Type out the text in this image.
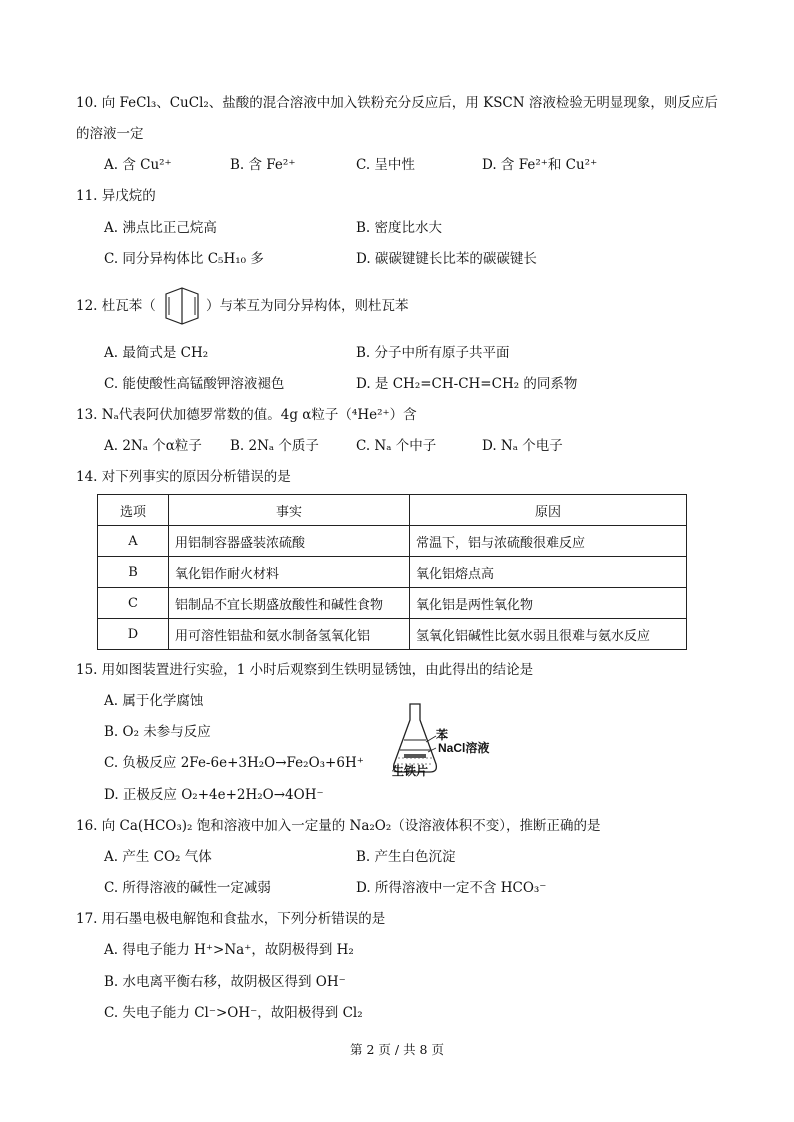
10. 向 FeCl₃、CuCl₂、盐酸的混合溶液中加入铁粉充分反应后，用 KSCN 溶液检验无明显现象，则反应后
的溶液一定
A. 含 Cu²⁺	B. 含 Fe²⁺	C. 呈中性	D. 含 Fe²⁺和 Cu²⁺
11. 异戊烷的
A. 沸点比正己烷高	B. 密度比水大
C. 同分异构体比 C₅H₁₀ 多	D. 碳碳键键长比苯的碳碳键长
12. 杜瓦苯（	）与苯互为同分异构体，则杜瓦苯
A. 最简式是 CH₂	B. 分子中所有原子共平面
C. 能使酸性高锰酸钾溶液褪色	D. 是 CH₂=CH-CH=CH₂ 的同系物
13. Nₐ代表阿伏加德罗常数的值。4g α粒子（⁴He²⁺）含
A. 2Nₐ 个α粒子 B. 2Nₐ 个质子	C. Nₐ 个中子	D. Nₐ 个电子
14. 对下列事实的原因分析错误的是
选项	事实	原因
A	用铝制容器盛装浓硫酸	常温下，铝与浓硫酸很难反应
B	氧化铝作耐火材料	氧化铝熔点高
C	铝制品不宜长期盛放酸性和碱性食物	氧化铝是两性氧化物
D	用可溶性铝盐和氨水制备氢氧化铝	氢氧化铝碱性比氨水弱且很难与氨水反应
15. 用如图装置进行实验，1 小时后观察到生铁明显锈蚀，由此得出的结论是
A. 属于化学腐蚀
B. O₂ 未参与反应
C. 负极反应 2Fe-6e+3H₂O→Fe₂O₃+6H⁺
D. 正极反应 O₂+4e+2H₂O→4OH⁻
苯
NaCl溶液
生铁片
16. 向 Ca(HCO₃)₂ 饱和溶液中加入一定量的 Na₂O₂（设溶液体积不变），推断正确的是
A. 产生 CO₂ 气体	B. 产生白色沉淀
C. 所得溶液的碱性一定减弱	D. 所得溶液中一定不含 HCO₃⁻
17. 用石墨电极电解饱和食盐水，下列分析错误的是
A. 得电子能力 H⁺>Na⁺，故阴极得到 H₂
B. 水电离平衡右移，故阴极区得到 OH⁻
C. 失电子能力 Cl⁻>OH⁻，故阳极得到 Cl₂
第 2 页 / 共 8 页
